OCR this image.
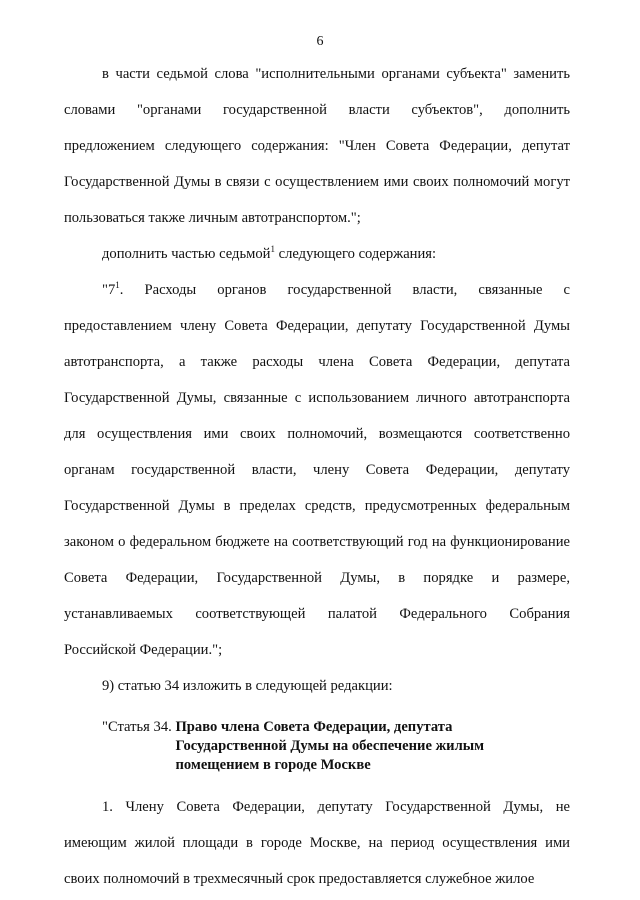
6

в части седьмой слова "исполнительными органами субъекта" заменить словами "органами государственной власти субъектов", дополнить предложением следующего содержания: "Член Совета Федерации, депутат Государственной Думы в связи с осуществлением ими своих полномочий могут пользоваться также личным автотранспортом.";

дополнить частью седьмой$^1$ следующего содержания:

"$7^1$. Расходы органов государственной власти, связанные с предоставлением члену Совета Федерации, депутату Государственной Думы автотранспорта, а также расходы члена Совета Федерации, депутата Государственной Думы, связанные с использованием личного автотранспорта для осуществления ими своих полномочий, возмещаются соответственно органам государственной власти, члену Совета Федерации, депутату Государственной Думы в пределах средств, предусмотренных федеральным законом о федеральном бюджете на соответствующий год на функционирование Совета Федерации, Государственной Думы, в порядке и размере, устанавливаемых соответствующей палатой Федерального Собрания Российской Федерации.";

9) статью 34 изложить в следующей редакции:

"Статья 34. Право члена Совета Федерации, депутата Государственной Думы на обеспечение жилым помещением в городе Москве

1. Члену Совета Федерации, депутату Государственной Думы, не имеющим жилой площади в городе Москве, на период осуществления ими своих полномочий в трехмесячный срок предоставляется служебное жилое
